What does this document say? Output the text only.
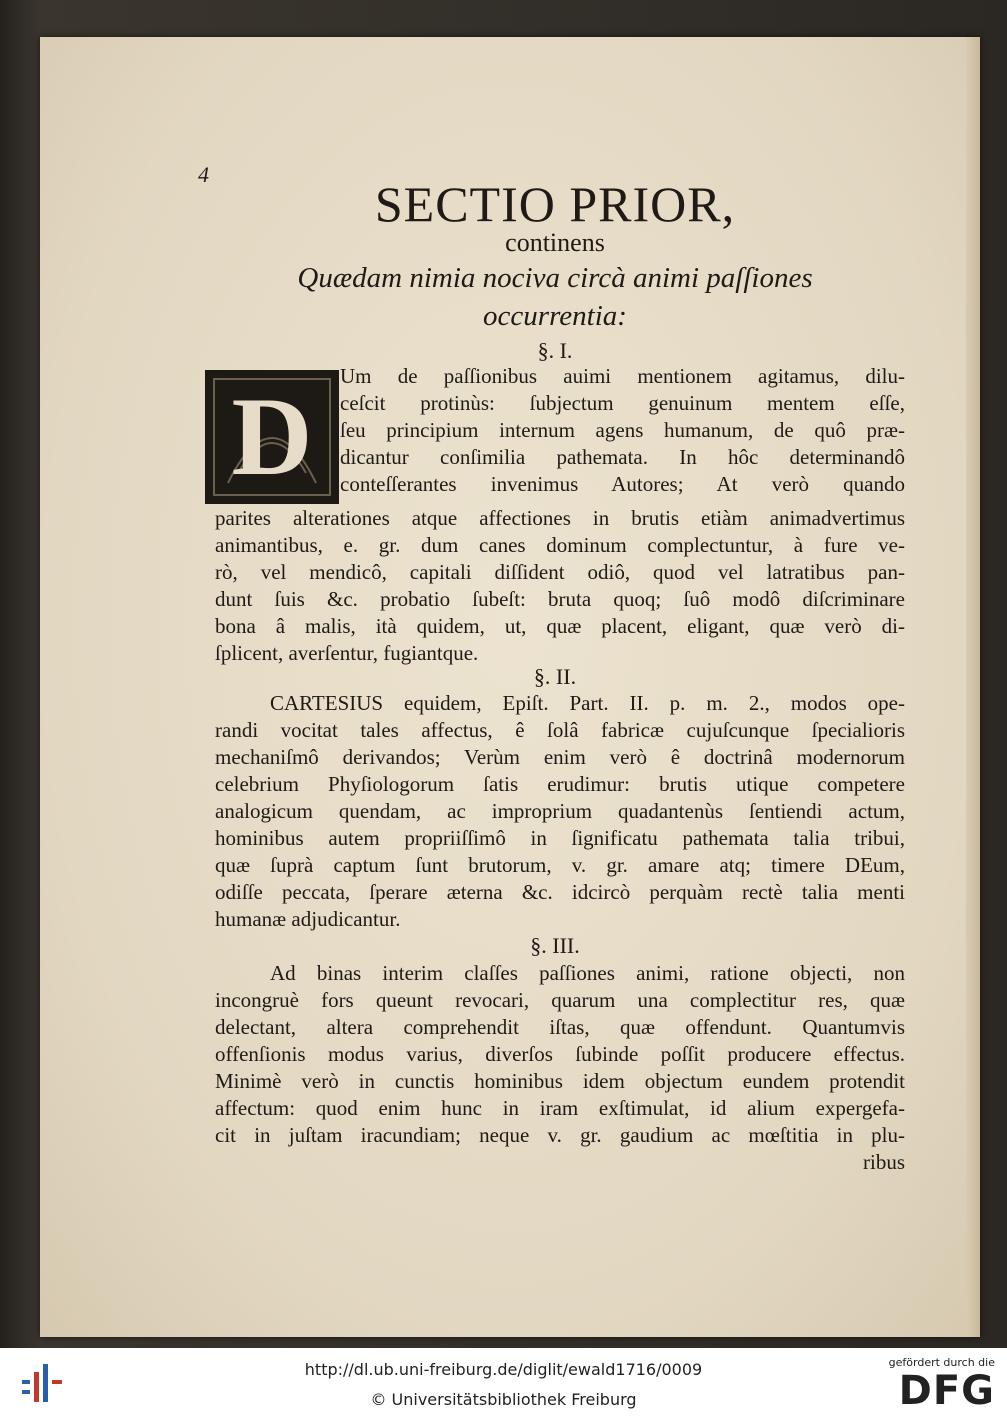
4
SECTIO PRIOR,
continens
Quædam nimia nociva circà animi paſſiones
occurrentia:
§. I.
D	Um de paſſionibus auimi mentionem agitamus, dilu-
ceſcit protinùs: ſubjectum genuinum mentem eſſe,
ſeu principium internum agens humanum, de quô præ-
dicantur conſimilia pathemata. In hôc determinandô
conteſſerantes invenimus Autores; At verò quando
parites alterationes atque affectiones in brutis etiàm animadvertimus
animantibus, e. gr. dum canes dominum complectuntur, à fure ve-
rò, vel mendicô, capitali diſſident odiô, quod vel latratibus pan-
dunt ſuis &c. probatio ſubeſt: bruta quoq; ſuô modô diſcriminare
bona â malis, ità quidem, ut, quæ placent, eligant, quæ verò di-
ſplicent, averſentur, fugiantque.
§. II.
CARTESIUS equidem, Epiſt. Part. II. p. m. 2., modos ope-
randi vocitat tales affectus, ê ſolâ fabricæ cujuſcunque ſpecialioris
mechaniſmô derivandos; Verùm enim verò ê doctrinâ modernorum
celebrium Phyſiologorum ſatis erudimur: brutis utique competere
analogicum quendam, ac improprium quadantenùs ſentiendi actum,
hominibus autem propriiſſimô in ſignificatu pathemata talia tribui,
quæ ſuprà captum ſunt brutorum, v. gr. amare atq; timere DEum,
odiſſe peccata, ſperare æterna &c. idcircò perquàm rectè talia menti
humanæ adjudicantur.
§. III.
Ad binas interim claſſes paſſiones animi, ratione objecti, non
incongruè fors queunt revocari, quarum una complectitur res, quæ
delectant, altera comprehendit iſtas, quæ offendunt. Quantumvis
offenſionis modus varius, diverſos ſubinde poſſit producere effectus.
Minimè verò in cunctis hominibus idem objectum eundem protendit
affectum: quod enim hunc in iram exſtimulat, id alium expergefa-
cit in juſtam iracundiam; neque v. gr. gaudium ac mœſtitia in plu-
ribus
http://dl.ub.uni-freiburg.de/diglit/ewald1716/0009
© Universitätsbibliothek Freiburg
gefördert durch die
DFG
